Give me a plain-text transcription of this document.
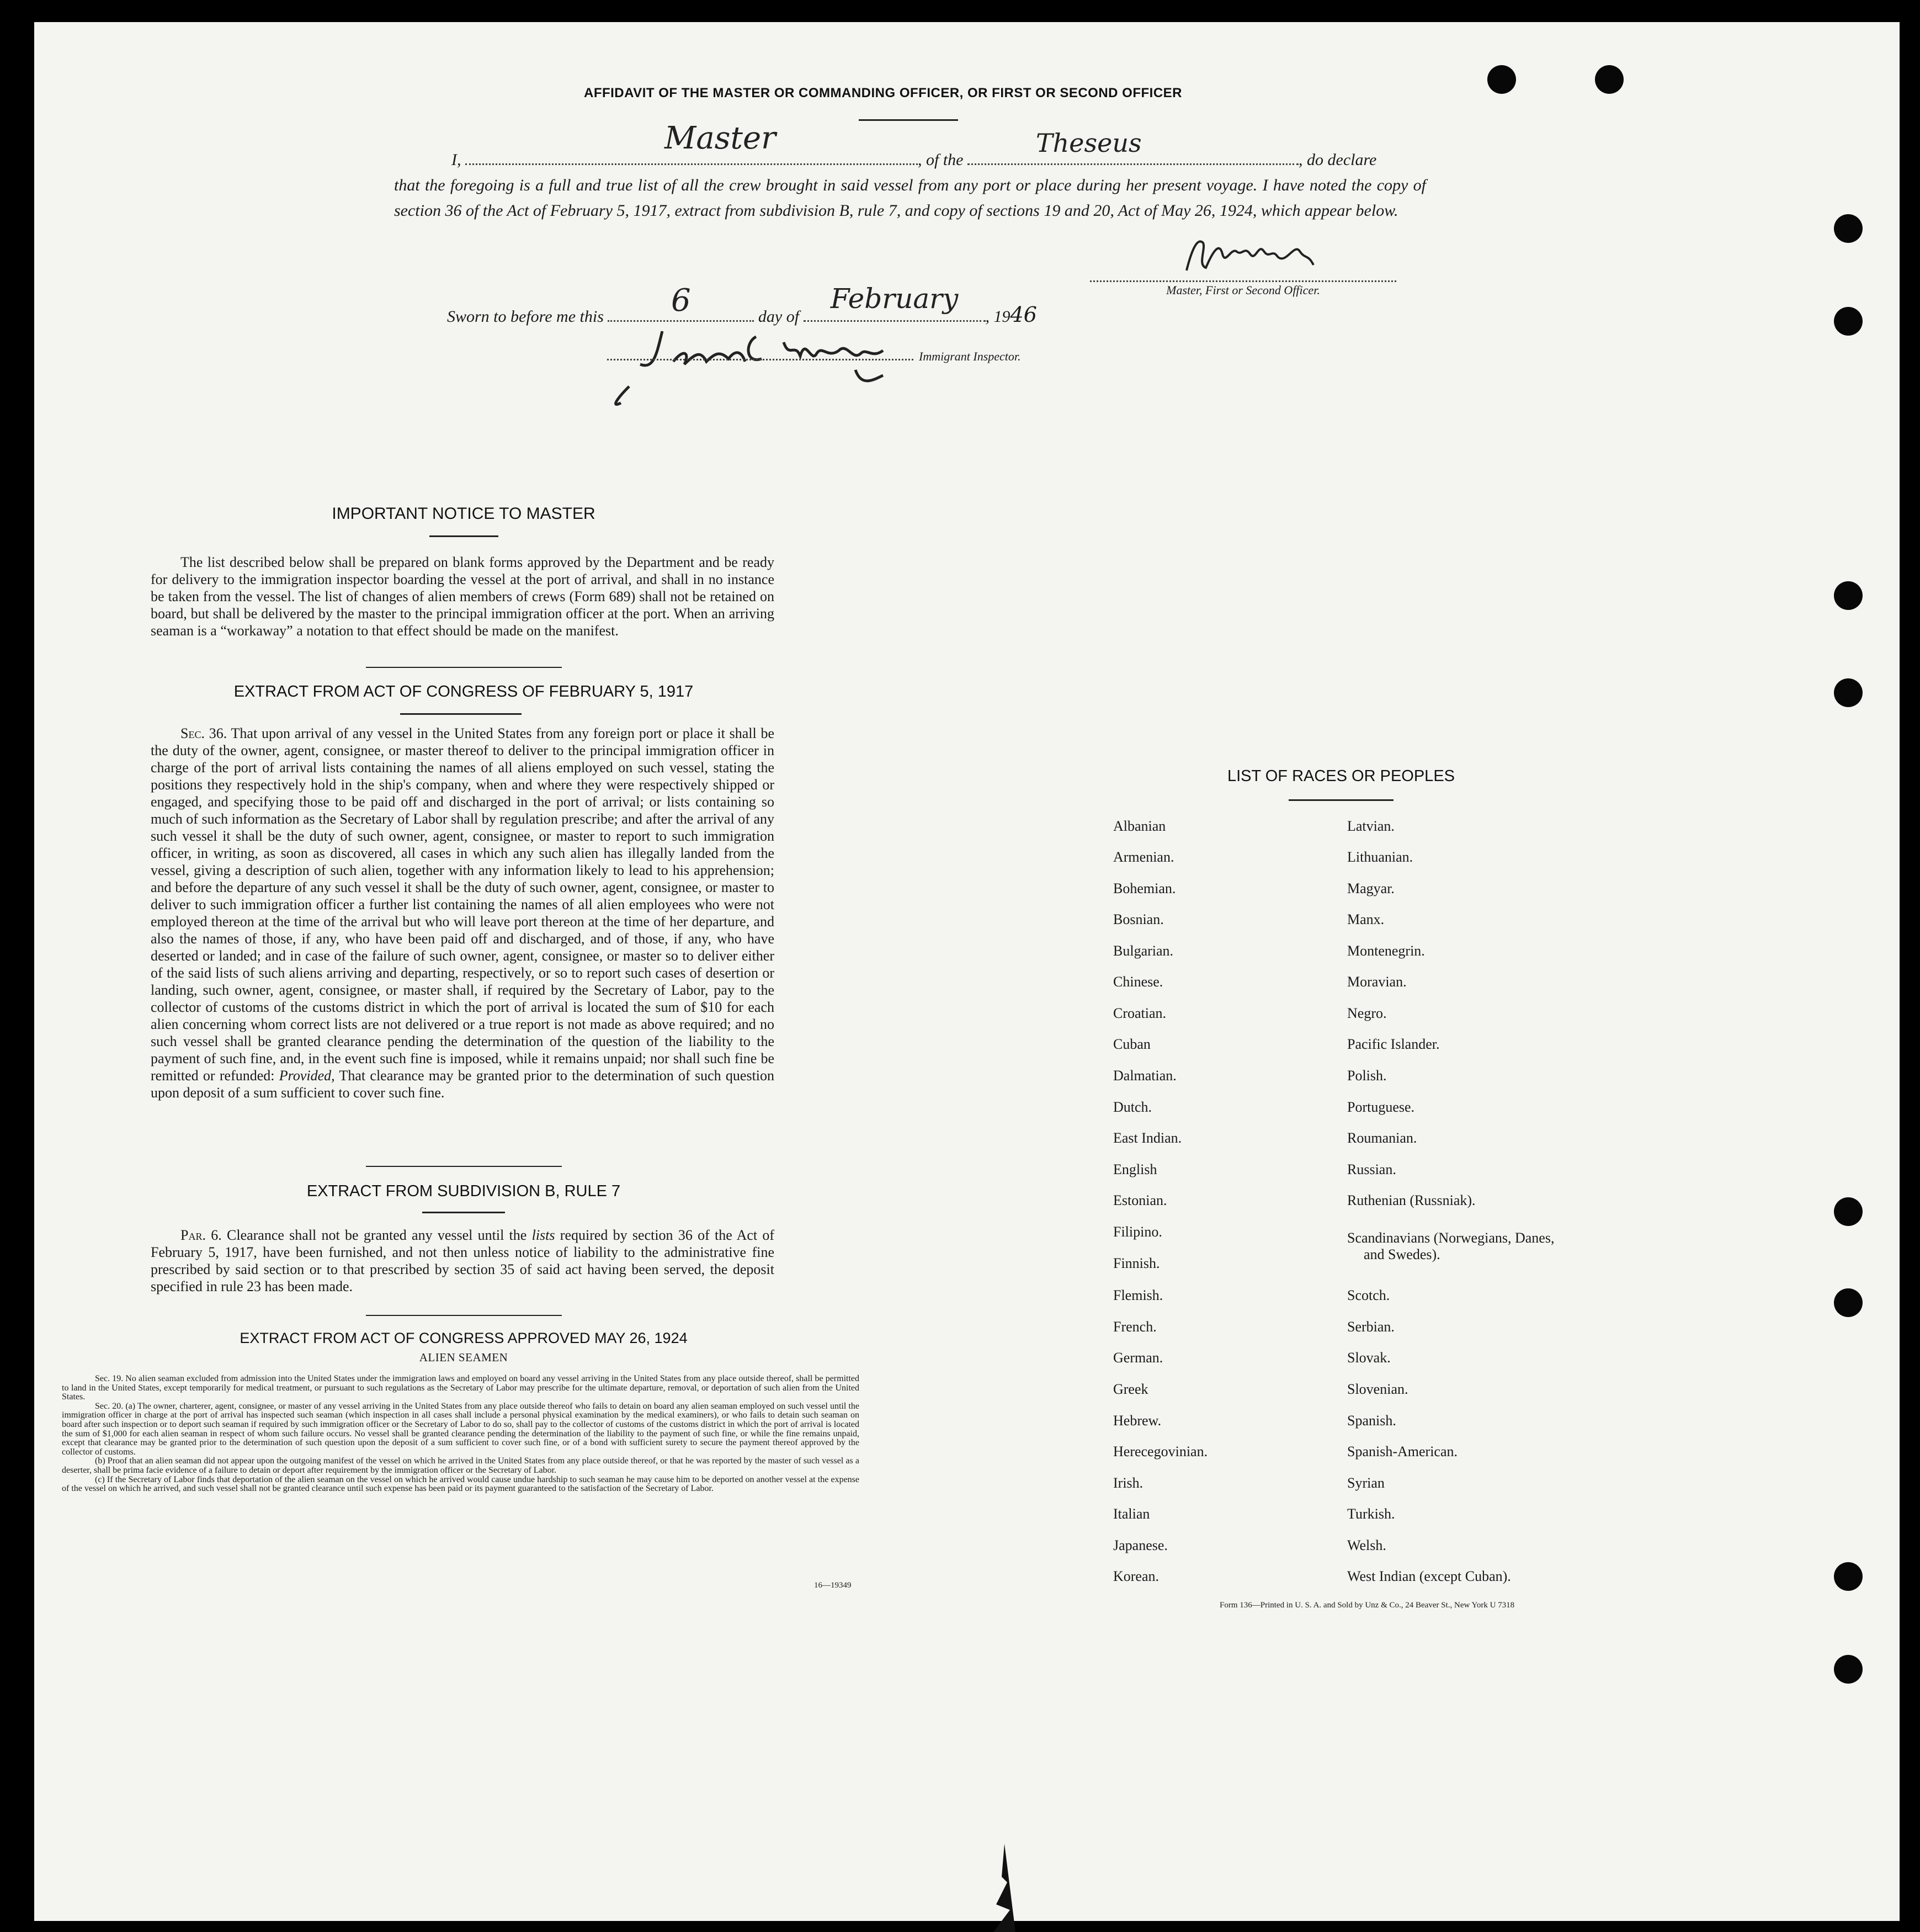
AFFIDAVIT OF THE MASTER OR COMMANDING OFFICER, OR FIRST OR SECOND OFFICER

I,
Master
, of the
Theseus
, do declare

that the foregoing is a full and true list of all the crew brought in said vessel from any port or place during her present voyage. I have noted the copy of section 36 of the Act of February 5, 1917, extract from subdivision B, rule 7, and copy of sections 19 and 20, Act of May 26, 1924, which appear below.

Master, First or Second Officer.
Sworn to before me this	6	day of
February
, 1946
Immigrant Inspector.
IMPORTANT NOTICE TO MASTER

The list described below shall be prepared on blank forms approved by the Department and be ready for delivery to the immigration inspector boarding the vessel at the port of arrival, and shall in no instance be taken from the vessel. The list of changes of alien members of crews (Form 689) shall not be retained on board, but shall be delivered by the master to the principal immigration officer at the port. When an arriving seaman is a “workaway” a notation to that effect should be made on the manifest.

EXTRACT FROM ACT OF CONGRESS OF FEBRUARY 5, 1917

Sec. 36. That upon arrival of any vessel in the United States from any foreign port or place it shall be the duty of the owner, agent, consignee, or master thereof to deliver to the principal immigration officer in charge of the port of arrival lists containing the names of all aliens employed on such vessel, stating the positions they respectively hold in the ship's company, when and where they were respectively shipped or engaged, and specifying those to be paid off and discharged in the port of arrival; or lists containing so much of such information as the Secretary of Labor shall by regulation prescribe; and after the arrival of any such vessel it shall be the duty of such owner, agent, consignee, or master to report to such immigration officer, in writing, as soon as discovered, all cases in which any such alien has illegally landed from the vessel, giving a description of such alien, together with any information likely to lead to his apprehension; and before the departure of any such vessel it shall be the duty of such owner, agent, consignee, or master to deliver to such immigration officer a further list containing the names of all alien employees who were not employed thereon at the time of the arrival but who will leave port thereon at the time of her departure, and also the names of those, if any, who have been paid off and discharged, and of those, if any, who have deserted or landed; and in case of the failure of such owner, agent, consignee, or master so to deliver either of the said lists of such aliens arriving and departing, respectively, or so to report such cases of desertion or landing, such owner, agent, consignee, or master shall, if required by the Secretary of Labor, pay to the collector of customs of the customs district in which the port of arrival is located the sum of $10 for each alien concerning whom correct lists are not delivered or a true report is not made as above required; and no such vessel shall be granted clearance pending the determination of the question of the liability to the payment of such fine, and, in the event such fine is imposed, while it remains unpaid; nor shall such fine be remitted or refunded: Provided, That clearance may be granted prior to the determination of such question upon deposit of a sum sufficient to cover such fine.

EXTRACT FROM SUBDIVISION B, RULE 7

Par. 6. Clearance shall not be granted any vessel until the lists required by section 36 of the Act of February 5, 1917, have been furnished, and not then unless notice of liability to the administrative fine prescribed by said section or to that prescribed by section 35 of said act having been served, the deposit specified in rule 23 has been made.

EXTRACT FROM ACT OF CONGRESS APPROVED MAY 26, 1924
ALIEN SEAMEN

Sec. 19. No alien seaman excluded from admission into the United States under the immigration laws and employed on board any vessel arriving in the United States from any place outside thereof, shall be permitted to land in the United States, except temporarily for medical treatment, or pursuant to such regulations as the Secretary of Labor may prescribe for the ultimate departure, removal, or deportation of such alien from the United States.

Sec. 20. (a) The owner, charterer, agent, consignee, or master of any vessel arriving in the United States from any place outside thereof who fails to detain on board any alien seaman employed on such vessel until the immigration officer in charge at the port of arrival has inspected such seaman (which inspection in all cases shall include a personal physical examination by the medical examiners), or who fails to detain such seaman on board after such inspection or to deport such seaman if required by such immigration officer or the Secretary of Labor to do so, shall pay to the collector of customs of the customs district in which the port of arrival is located the sum of $1,000 for each alien seaman in respect of whom such failure occurs. No vessel shall be granted clearance pending the determination of the liability to the payment of such fine, or while the fine remains unpaid, except that clearance may be granted prior to the determination of such question upon the deposit of a sum sufficient to cover such fine, or of a bond with sufficient surety to secure the payment thereof approved by the collector of customs.

(b) Proof that an alien seaman did not appear upon the outgoing manifest of the vessel on which he arrived in the United States from any place outside thereof, or that he was reported by the master of such vessel as a deserter, shall be prima facie evidence of a failure to detain or deport after requirement by the immigration officer or the Secretary of Labor.

(c) If the Secretary of Labor finds that deportation of the alien seaman on the vessel on which he arrived would cause undue hardship to such seaman he may cause him to be deported on another vessel at the expense of the vessel on which he arrived, and such vessel shall not be granted clearance until such expense has been paid or its payment guaranteed to the satisfaction of the Secretary of Labor.

16—19349
LIST OF RACES OR PEOPLES
Albanian
Armenian.
Bohemian.
Bosnian.
Bulgarian.
Chinese.
Croatian.
Cuban
Dalmatian.
Dutch.
East Indian.
English
Estonian.
Filipino.
Finnish.
Flemish.
French.
German.
Greek
Hebrew.
Herecegovinian.
Irish.
Italian
Japanese.
Korean.
Latvian.
Lithuanian.
Magyar.
Manx.
Montenegrin.
Moravian.
Negro.
Pacific Islander.
Polish.
Portuguese.
Roumanian.
Russian.
Ruthenian (Russniak).
Scandinavians (Norwegians, Danes, and Swedes).
Scotch.
Serbian.
Slovak.
Slovenian.
Spanish.
Spanish-American.
Syrian
Turkish.
Welsh.
West Indian (except Cuban).
Form 136—Printed in U. S. A. and Sold by Unz & Co., 24 Beaver St., New York U 7318
